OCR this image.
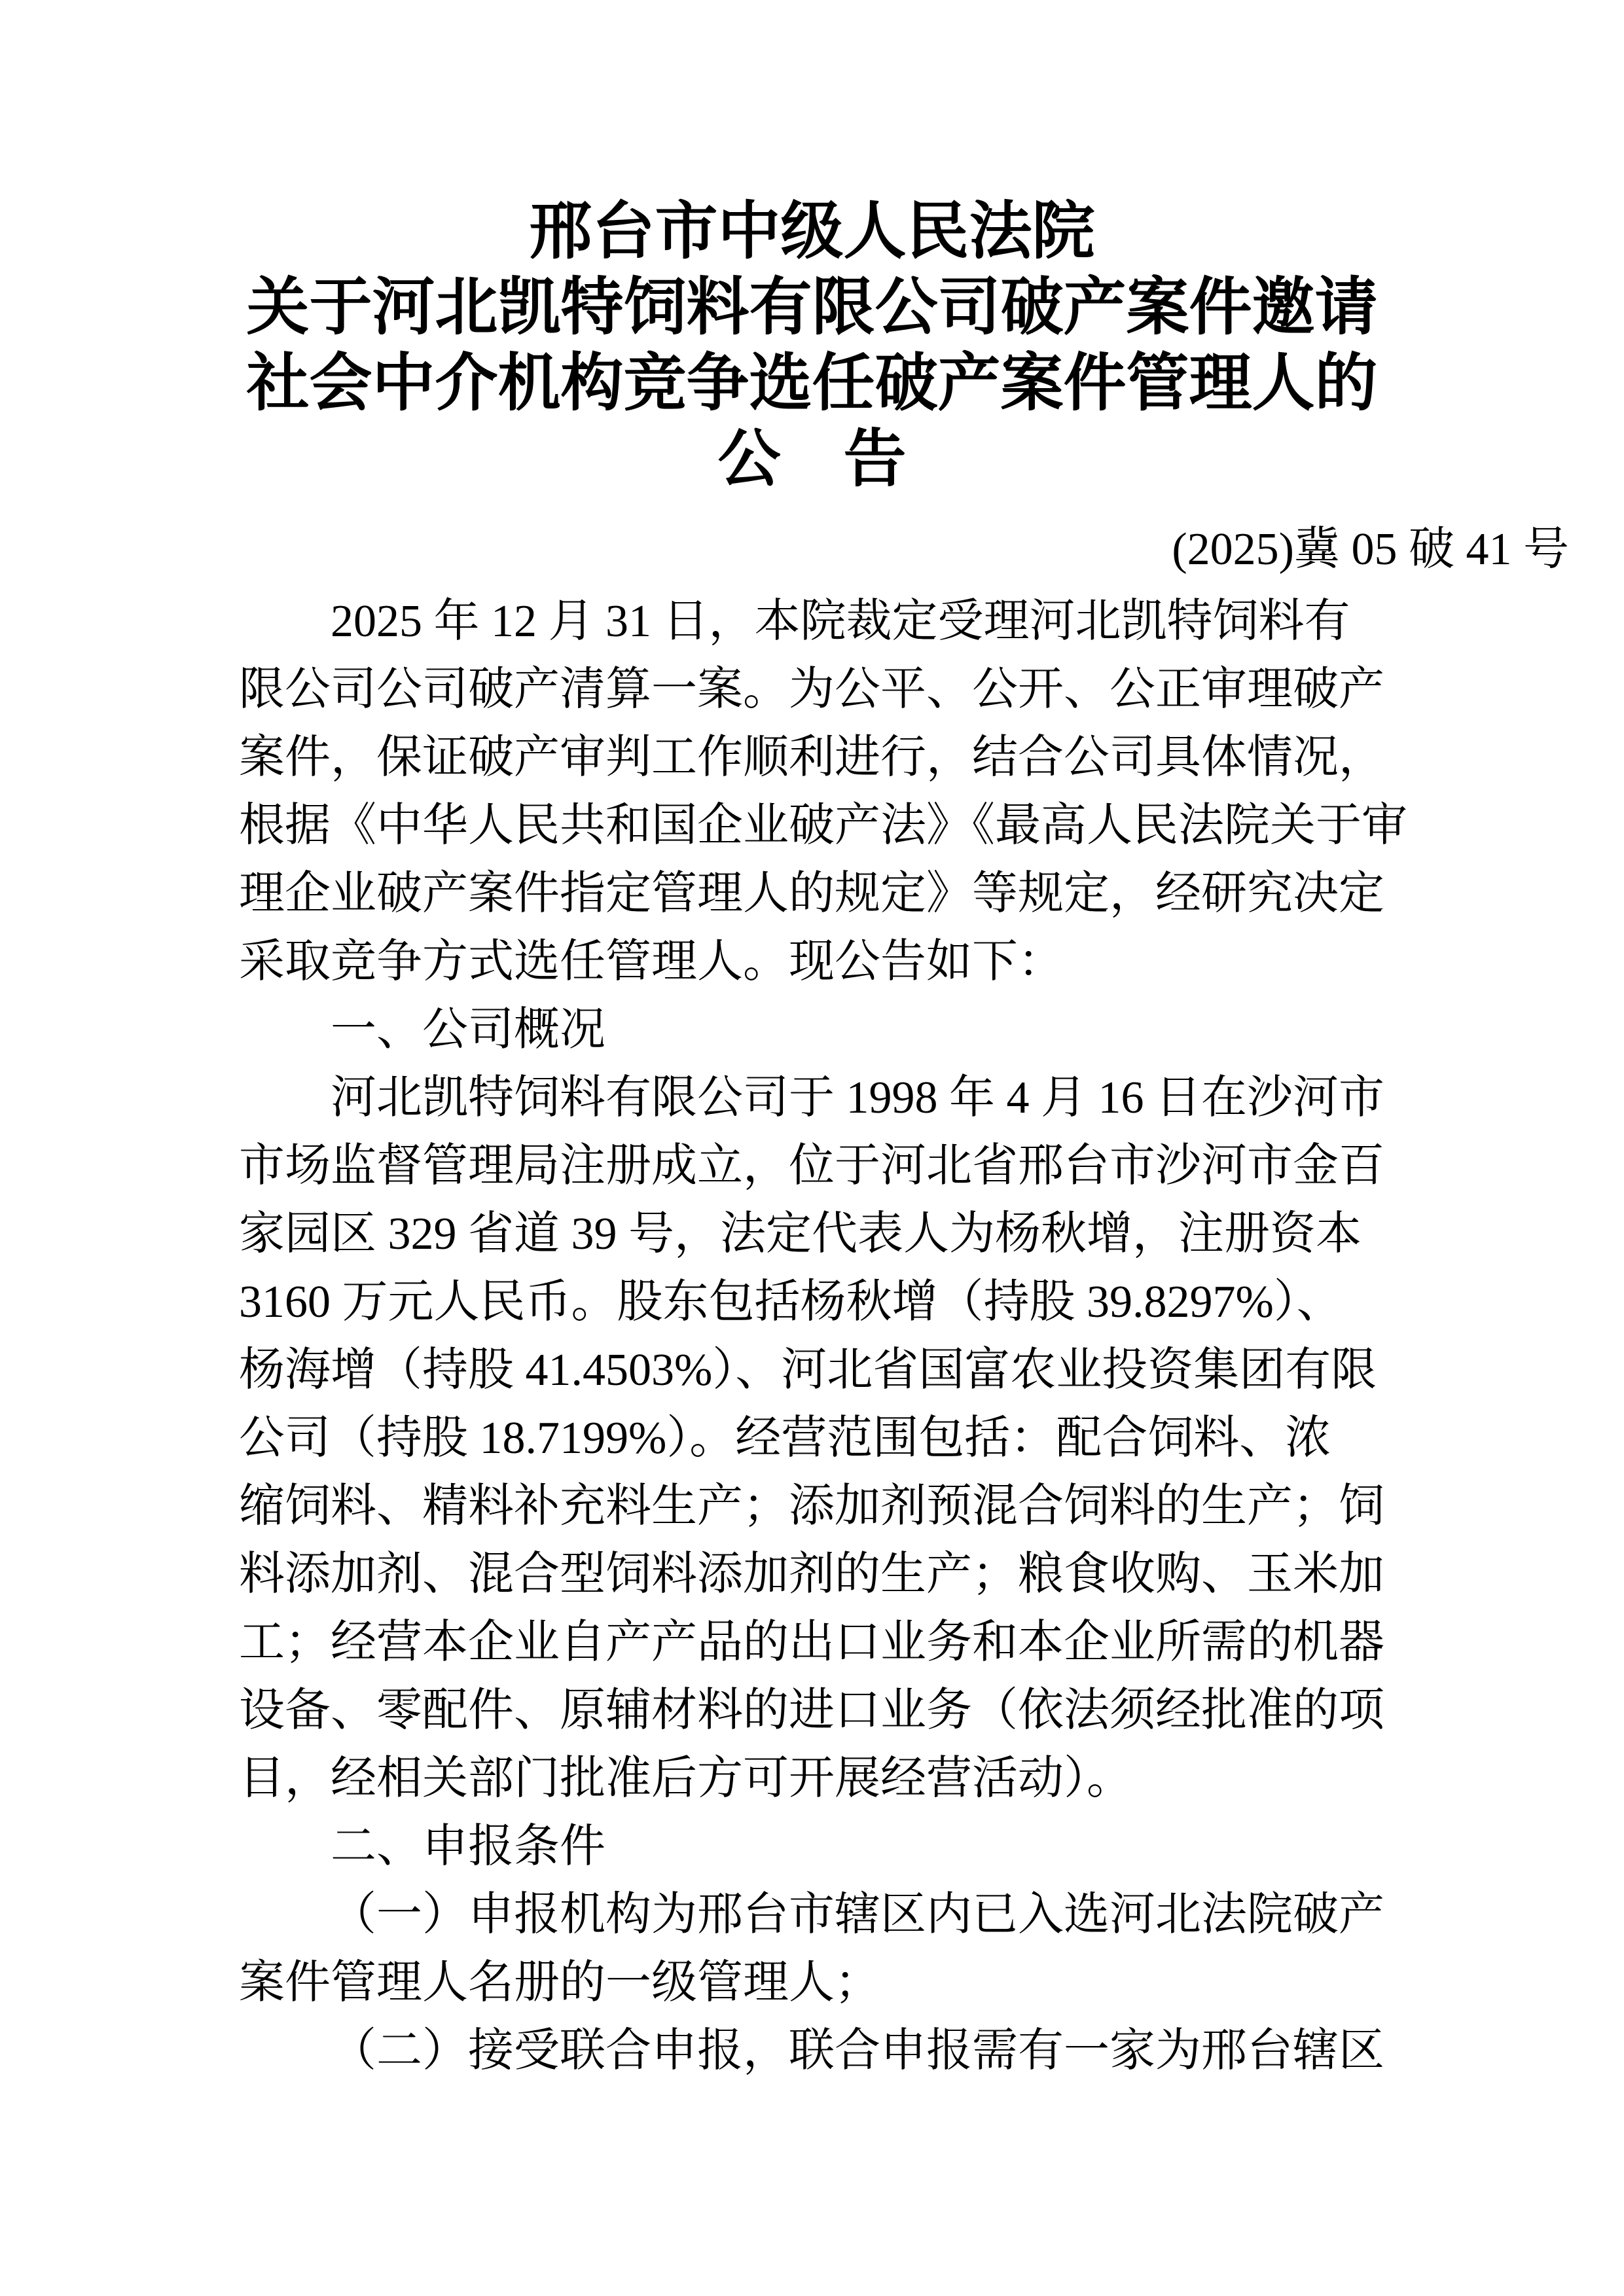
邢台市中级人民法院
关于河北凯特饲料有限公司破产案件邀请
社会中介机构竞争选任破产案件管理人的
公　告
(2025)冀 05 破 41 号
2025 年 12 月 31 日，本院裁定受理河北凯特饲料有
限公司公司破产清算一案。为公平、公开、公正审理破产
案件，保证破产审判工作顺利进行，结合公司具体情况，
根据《中华人民共和国企业破产法》《最高人民法院关于审
理企业破产案件指定管理人的规定》等规定，经研究决定
采取竞争方式选任管理人。现公告如下：
一、公司概况
河北凯特饲料有限公司于 1998 年 4 月 16 日在沙河市
市场监督管理局注册成立，位于河北省邢台市沙河市金百
家园区 329 省道 39 号，法定代表人为杨秋增，注册资本
3160 万元人民币。股东包括杨秋增（持股 39.8297%）、
杨海增（持股 41.4503%）、河北省国富农业投资集团有限
公司（持股 18.7199%）。经营范围包括：配合饲料、浓
缩饲料、精料补充料生产；添加剂预混合饲料的生产；饲
料添加剂、混合型饲料添加剂的生产；粮食收购、玉米加
工；经营本企业自产产品的出口业务和本企业所需的机器
设备、零配件、原辅材料的进口业务（依法须经批准的项
目，经相关部门批准后方可开展经营活动）。
二、申报条件
（一）申报机构为邢台市辖区内已入选河北法院破产
案件管理人名册的一级管理人；
（二）接受联合申报，联合申报需有一家为邢台辖区
